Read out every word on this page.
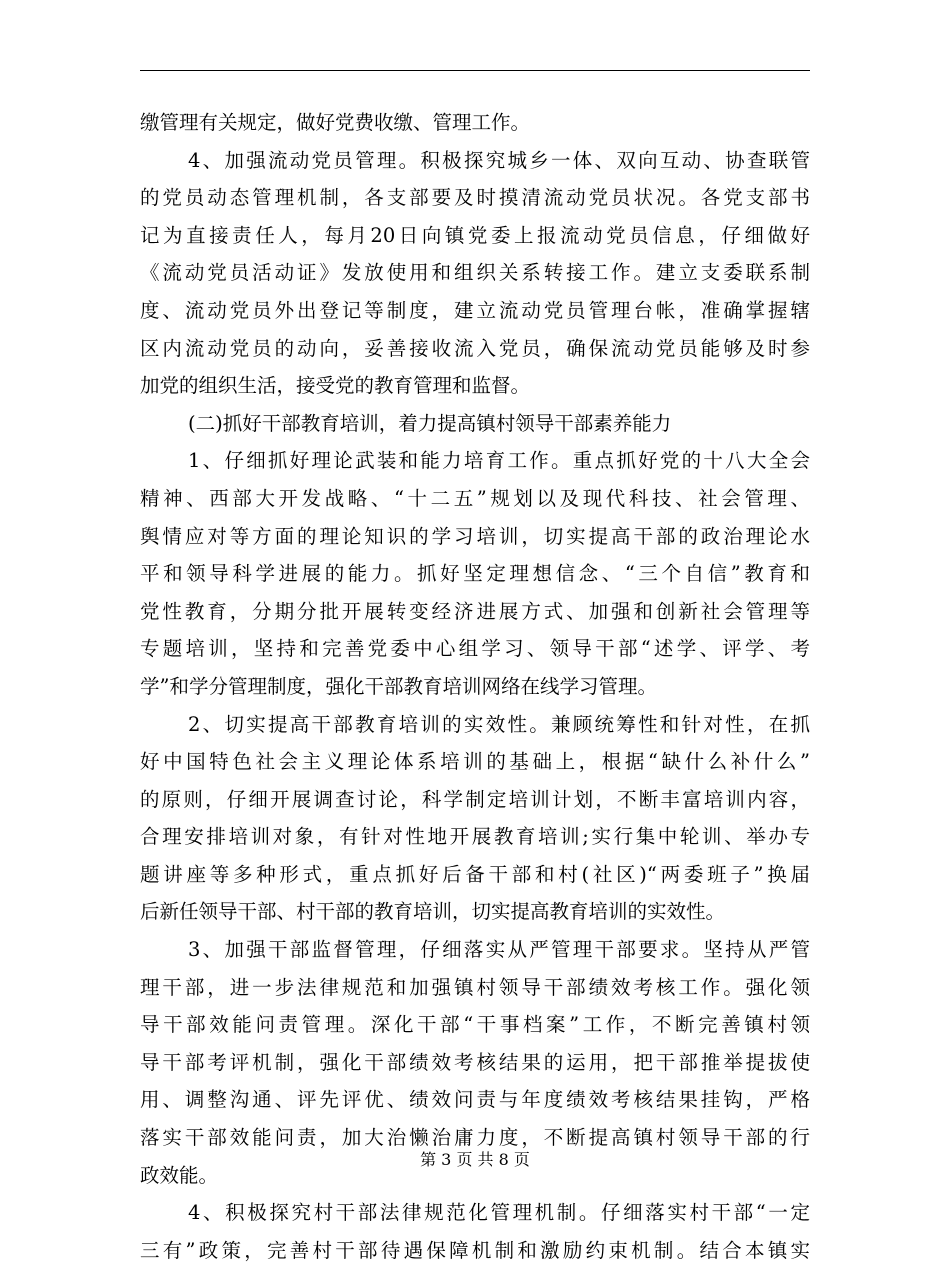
缴管理有关规定，做好党费收缴、管理工作。
4、加强流动党员管理。积极探究城乡一体、双向互动、协查联管
的党员动态管理机制，各支部要及时摸清流动党员状况。各党支部书
记为直接责任人，每月20日向镇党委上报流动党员信息，仔细做好
《流动党员活动证》发放使用和组织关系转接工作。建立支委联系制
度、流动党员外出登记等制度，建立流动党员管理台帐，准确掌握辖
区内流动党员的动向，妥善接收流入党员，确保流动党员能够及时参
加党的组织生活，接受党的教育管理和监督。
(二)抓好干部教育培训，着力提高镇村领导干部素养能力
1、仔细抓好理论武装和能力培育工作。重点抓好党的十八大全会
精神、西部大开发战略、“十二五”规划以及现代科技、社会管理、
舆情应对等方面的理论知识的学习培训，切实提高干部的政治理论水
平和领导科学进展的能力。抓好坚定理想信念、“三个自信”教育和
党性教育，分期分批开展转变经济进展方式、加强和创新社会管理等
专题培训，坚持和完善党委中心组学习、领导干部“述学、评学、考
学”和学分管理制度，强化干部教育培训网络在线学习管理。
2、切实提高干部教育培训的实效性。兼顾统筹性和针对性，在抓
好中国特色社会主义理论体系培训的基础上，根据“缺什么补什么”
的原则，仔细开展调查讨论，科学制定培训计划，不断丰富培训内容，
合理安排培训对象，有针对性地开展教育培训;实行集中轮训、举办专
题讲座等多种形式，重点抓好后备干部和村(社区)“两委班子”换届
后新任领导干部、村干部的教育培训，切实提高教育培训的实效性。
3、加强干部监督管理，仔细落实从严管理干部要求。坚持从严管
理干部，进一步法律规范和加强镇村领导干部绩效考核工作。强化领
导干部效能问责管理。深化干部“干事档案”工作，不断完善镇村领
导干部考评机制，强化干部绩效考核结果的运用，把干部推举提拔使
用、调整沟通、评先评优、绩效问责与年度绩效考核结果挂钩，严格
落实干部效能问责，加大治懒治庸力度，不断提高镇村领导干部的行
政效能。
4、积极探究村干部法律规范化管理机制。仔细落实村干部“一定
三有”政策，完善村干部待遇保障机制和激励约束机制。结合本镇实
第 3 页 共 8 页
